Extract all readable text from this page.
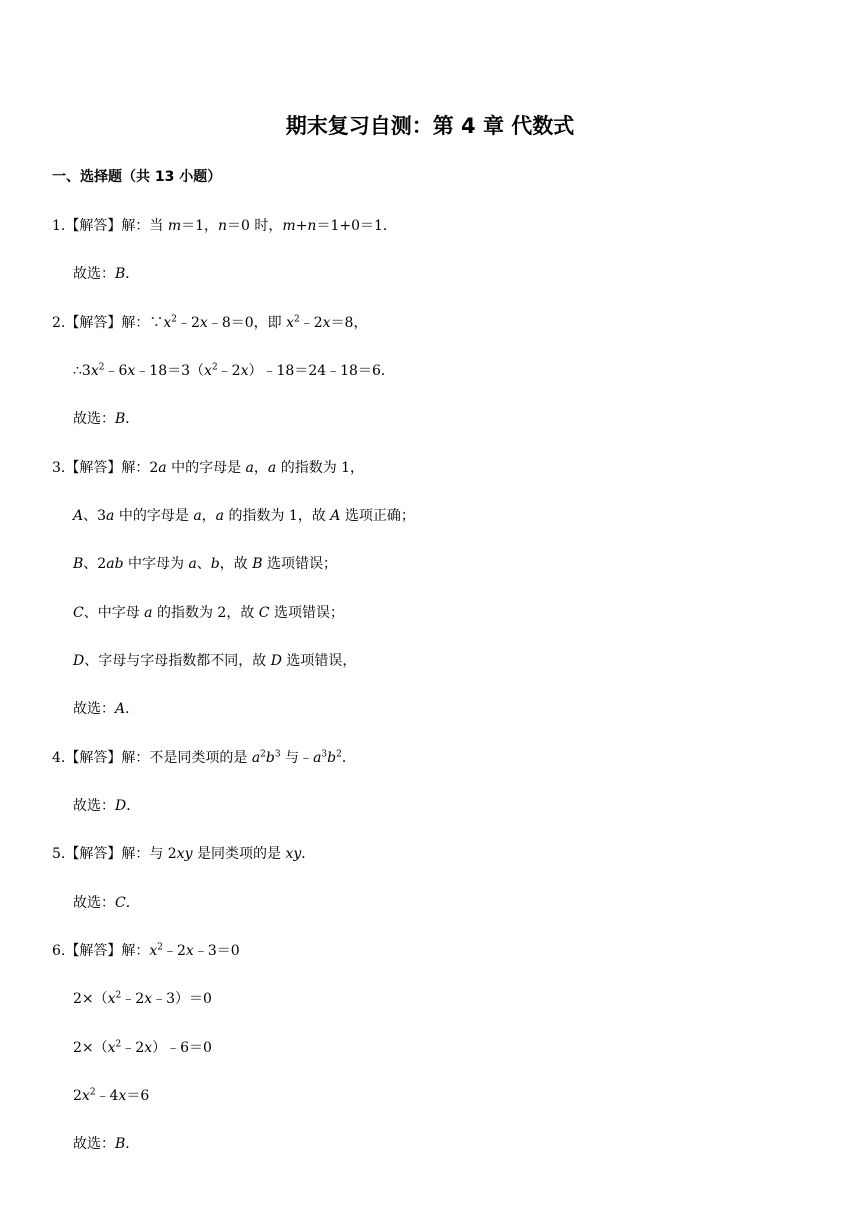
期末复习自测：第 4 章 代数式
一、选择题（共 13 小题）
1.【解答】解：当 m＝1，n＝0 时，m+n＝1+0＝1．
故选：B．
2.【解答】解：$\because x^2﹣2x﹣8=0$，即 $x^2﹣2x=8$，
$\therefore 3x^2﹣6x﹣18=3(x^2﹣2x)﹣18=24﹣18=6$．
故选：B．
3.【解答】解：2a 中的字母是 a，a 的指数为 1，
A、3a 中的字母是 a，a 的指数为 1，故 A 选项正确；
B、2ab 中字母为 a、b，故 B 选项错误；
C、中字母 a 的指数为 2，故 C 选项错误；
D、字母与字母指数都不同，故 D 选项错误，
故选：A．
4.【解答】解：不是同类项的是 $a^2b^3$ 与$﹣a^3b^2$．
故选：D．
5.【解答】解：与 2xy 是同类项的是 xy．
故选：C．
6.【解答】解：$x^2﹣2x﹣3=0$
$2\times(x^2﹣2x﹣3)=0$
$2\times(x^2﹣2x)﹣6=0$
$2x^2﹣4x=6$
故选：B．
